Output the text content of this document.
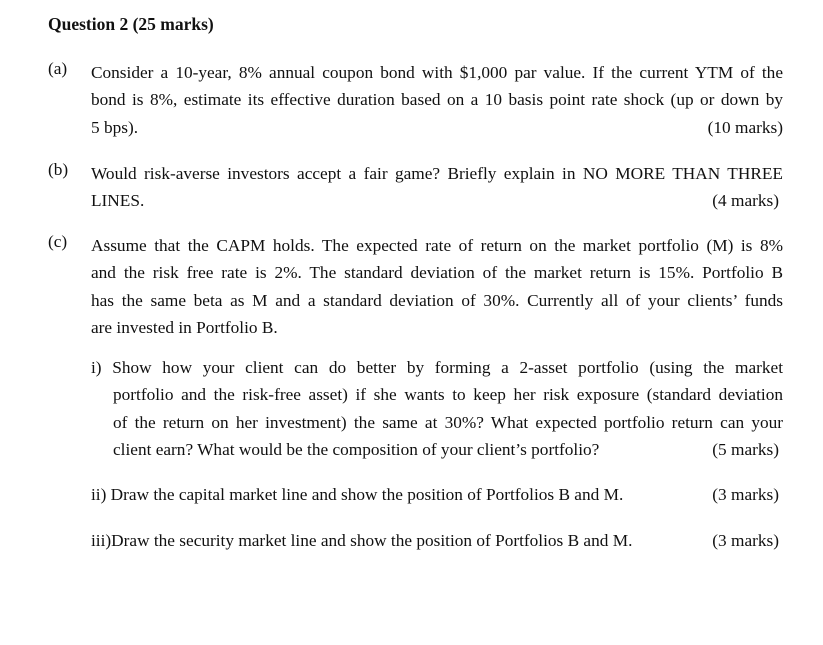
Question 2 (25 marks)
(a) Consider a 10-year, 8% annual coupon bond with $1,000 par value. If the current YTM of the
bond is 8%, estimate its effective duration based on a 10 basis point rate shock (up or down by
5 bps).	(10 marks)
(b) Would risk-averse investors accept a fair game? Briefly explain in NO MORE THAN THREE
LINES.	(4 marks)
(c) Assume that the CAPM holds. The expected rate of return on the market portfolio (M) is 8%
and the risk free rate is 2%. The standard deviation of the market return is 15%. Portfolio B
has the same beta as M and a standard deviation of 30%. Currently all of your clients’ funds
are invested in Portfolio B.
i) Show how your client can do better by forming a 2-asset portfolio (using the market
portfolio and the risk-free asset) if she wants to keep her risk exposure (standard deviation
of the return on her investment) the same at 30%? What expected portfolio return can your
client earn? What would be the composition of your client’s portfolio?	(5 marks)
ii) Draw the capital market line and show the position of Portfolios B and M.	(3 marks)
iii)Draw the security market line and show the position of Portfolios B and M.	(3 marks)
